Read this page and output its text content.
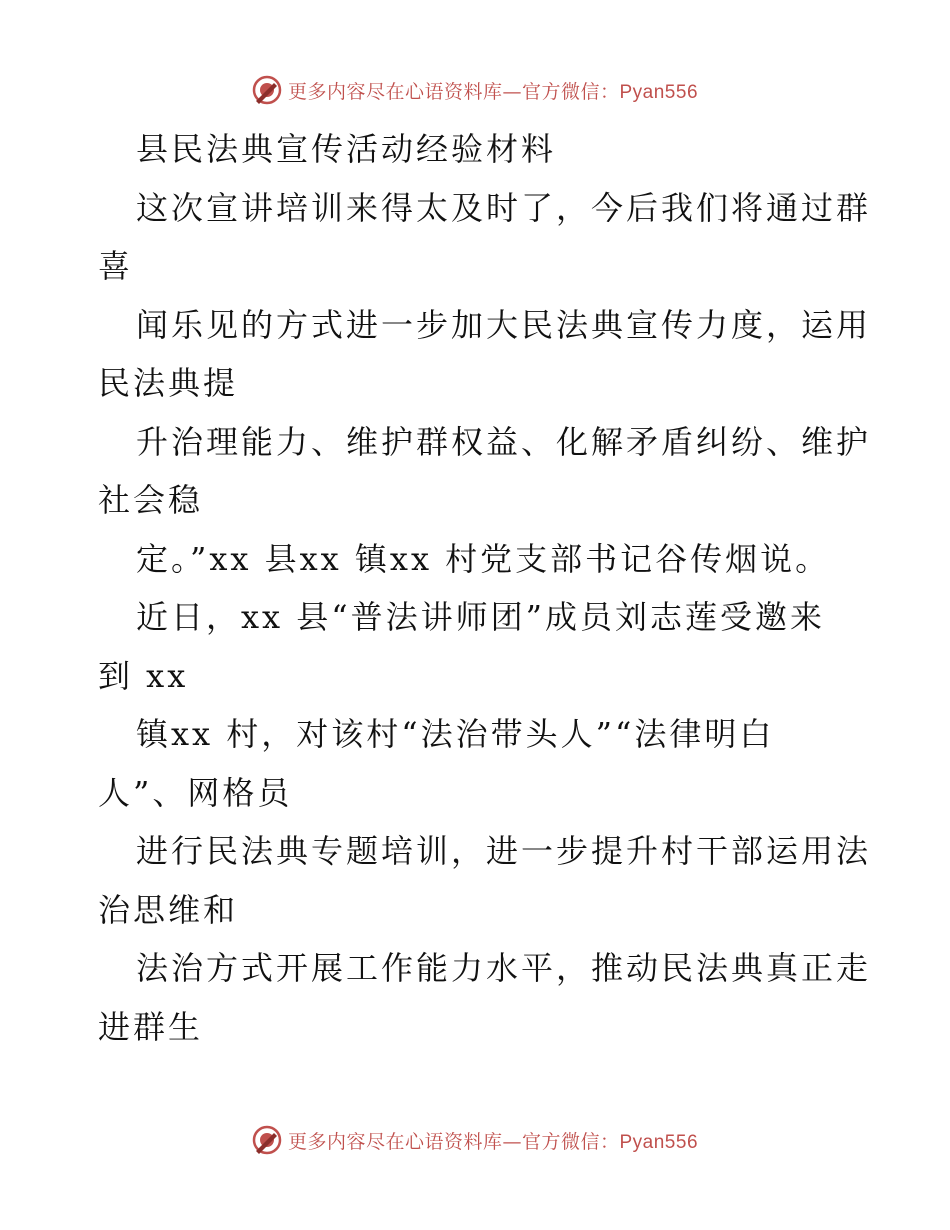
更多内容尽在心语资料库—官方微信：Pyan556
县民法典宣传活动经验材料
这次宣讲培训来得太及时了，今后我们将通过群
喜
闻乐见的方式进一步加大民法典宣传力度，运用
民法典提
升治理能力、维护群权益、化解矛盾纠纷、维护
社会稳
定。”xx 县xx 镇xx 村党支部书记谷传烟说。
近日，xx 县“普法讲师团”成员刘志莲受邀来
到 xx
镇xx 村，对该村“法治带头人”“法律明白
人”、网格员
进行民法典专题培训，进一步提升村干部运用法
治思维和
法治方式开展工作能力水平，推动民法典真正走
进群生
更多内容尽在心语资料库—官方微信：Pyan556
